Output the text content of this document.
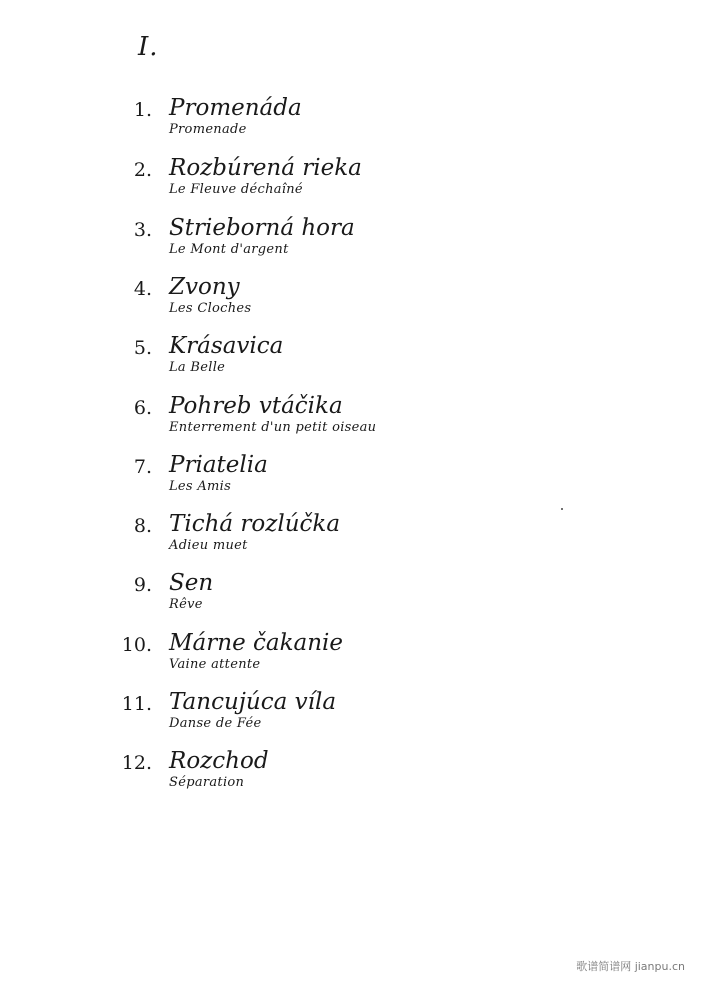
I.
1. Promenáda
Promenade
2. Rozbúrená rieka
Le Fleuve déchaîné
3. Strieborná hora
Le Mont d'argent
4. Zvony
Les Cloches
5. Krásavica
La Belle
6. Pohreb vtáčika
Enterrement d'un petit oiseau
7. Priatelia
Les Amis
8. Tichá rozlúčka
Adieu muet
9. Sen
Rêve
10. Márne čakanie
Vaine attente
11. Tancujúca víla
Danse de Fée
12. Rozchod
Séparation
歌谱简谱网 jianpu.cn
